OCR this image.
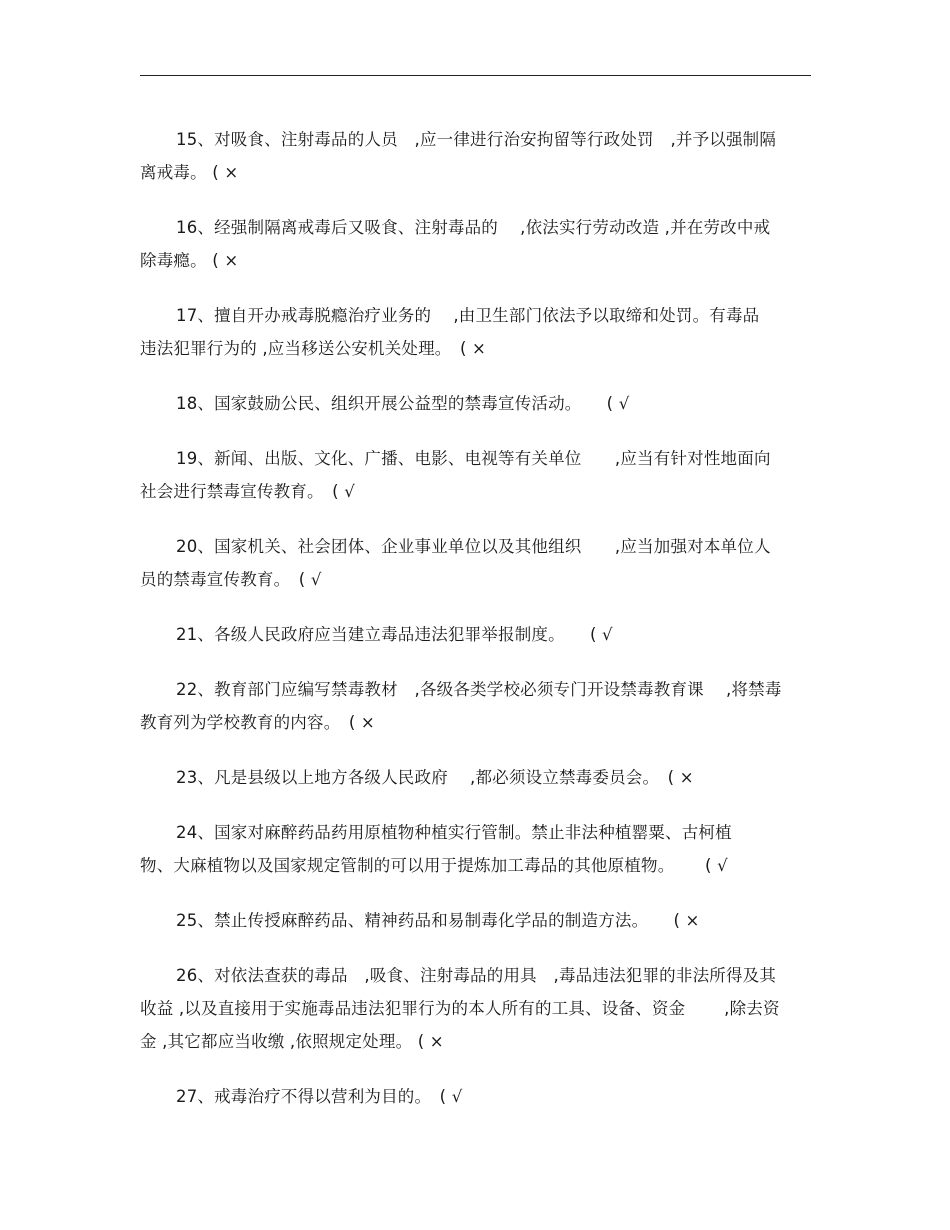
15、对吸食、注射毒品的人员　,应一律进行治安拘留等行政处罚　,并予以强制隔
离戒毒。 ( ×
16、经强制隔离戒毒后又吸食、注射毒品的　 ,依法实行劳动改造 ,并在劳改中戒
除毒瘾。 ( ×
17、擅自开办戒毒脱瘾治疗业务的　 ,由卫生部门依法予以取缔和处罚。有毒品
违法犯罪行为的 ,应当移送公安机关处理。　( ×
18、国家鼓励公民、组织开展公益型的禁毒宣传活动。　　( √
19、新闻、出版、文化、广播、电影、电视等有关单位　　,应当有针对性地面向
社会进行禁毒宣传教育。　( √
20、国家机关、社会团体、企业事业单位以及其他组织　　,应当加强对本单位人
员的禁毒宣传教育。　( √
21、各级人民政府应当建立毒品违法犯罪举报制度。　　( √
22、教育部门应编写禁毒教材　,各级各类学校必须专门开设禁毒教育课　 ,将禁毒
教育列为学校教育的内容。　( ×
23、凡是县级以上地方各级人民政府　 ,都必须设立禁毒委员会。　( ×
24、国家对麻醉药品药用原植物种植实行管制。禁止非法种植罂粟、古柯植
物、大麻植物以及国家规定管制的可以用于提炼加工毒品的其他原植物。　　 ( √
25、禁止传授麻醉药品、精神药品和易制毒化学品的制造方法。　　( ×
26、对依法查获的毒品　,吸食、注射毒品的用具　,毒品违法犯罪的非法所得及其
收益 ,以及直接用于实施毒品违法犯罪行为的本人所有的工具、设备、资金　　 ,除去资
金 ,其它都应当收缴 ,依照规定处理。 ( ×
27、戒毒治疗不得以营利为目的。　( √
